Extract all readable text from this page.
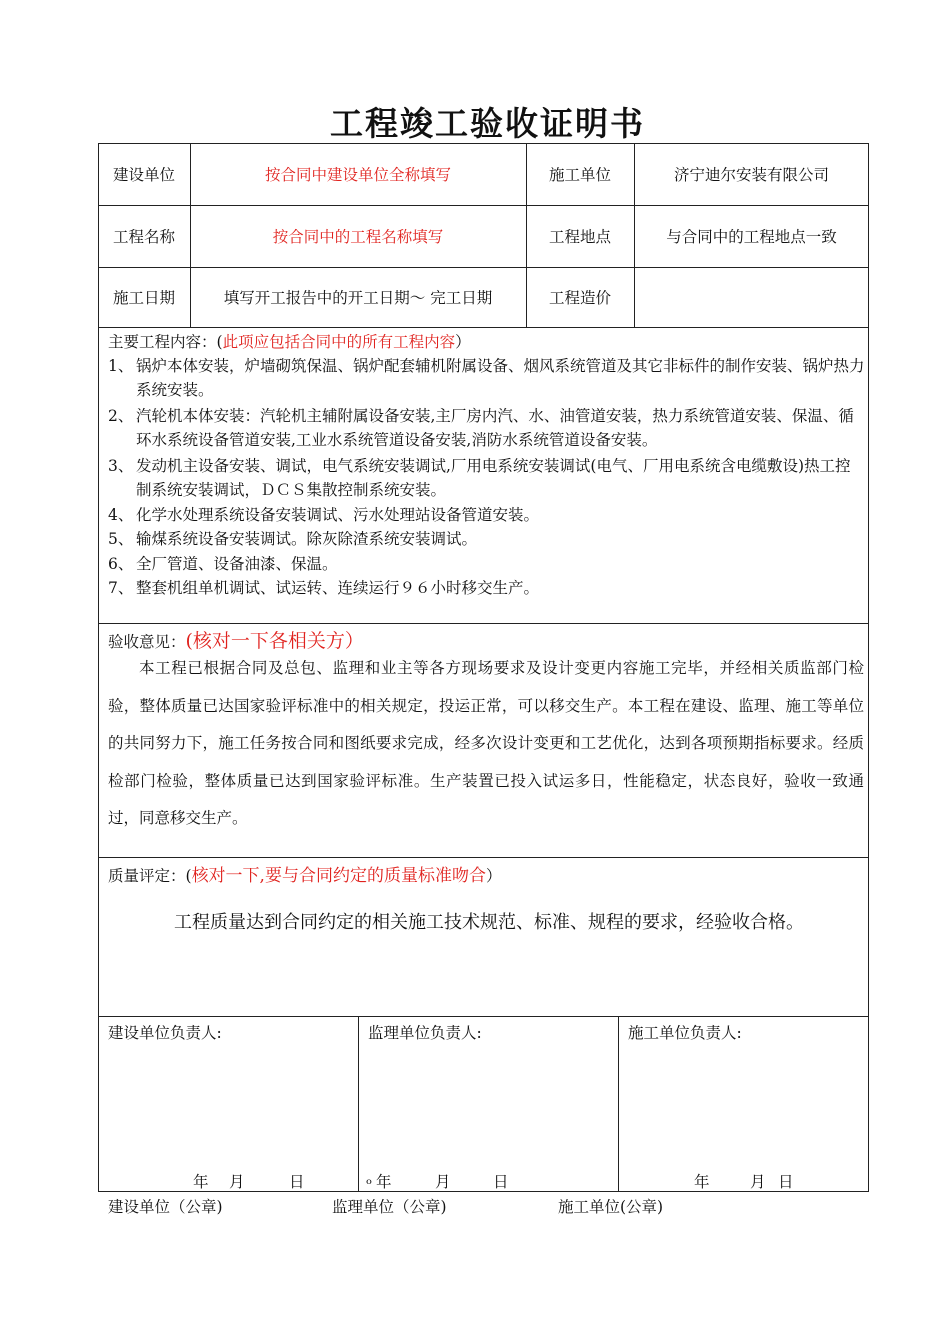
工程竣工验收证明书
建设单位	按合同中建设单位全称填写	施工单位	济宁迪尔安装有限公司
工程名称	按合同中的工程名称填写	工程地点	与合同中的工程地点一致
施工日期	填写开工报告中的开工日期～ 完工日期	工程造价
主要工程内容：(此项应包括合同中的所有工程内容）
1、 锅炉本体安装，炉墙砌筑保温、锅炉配套辅机附属设备、烟风系统管道及其它非标件的制作安装、锅炉热力系统安装。
2、 汽轮机本体安装：汽轮机主辅附属设备安装,主厂房内汽、水、油管道安装，热力系统管道安装、保温、循环水系统设备管道安装,工业水系统管道设备安装,消防水系统管道设备安装。
3、 发动机主设备安装、调试，电气系统安装调试,厂用电系统安装调试(电气、厂用电系统含电缆敷设)热工控制系统安装调试，ＤＣＳ集散控制系统安装。
4、 化学水处理系统设备安装调试、污水处理站设备管道安装。
5、 输煤系统设备安装调试。除灰除渣系统安装调试。
6、 全厂管道、设备油漆、保温。
7、 整套机组单机调试、试运转、连续运行９６小时移交生产。
验收意见：(核对一下各相关方）
本工程已根据合同及总包、监理和业主等各方现场要求及设计变更内容施工完毕，并经相关质监部门检验，整体质量已达国家验评标准中的相关规定，投运正常，可以移交生产。本工程在建设、监理、施工等单位的共同努力下，施工任务按合同和图纸要求完成，经多次设计变更和工艺优化，达到各项预期指标要求。经质检部门检验，整体质量已达到国家验评标准。生产装置已投入试运多日，性能稳定，状态良好，验收一致通过，同意移交生产。
质量评定：(核对一下,要与合同约定的质量标准吻合）
工程质量达到合同约定的相关施工技术规范、标准、规程的要求，经验收合格。
建设单位负责人:	监理单位负责人:	施工单位负责人:
年 月	日	ₒ 年	月	日	年	月 日
建设单位（公章)	监理单位（公章)	施工单位(公章)
